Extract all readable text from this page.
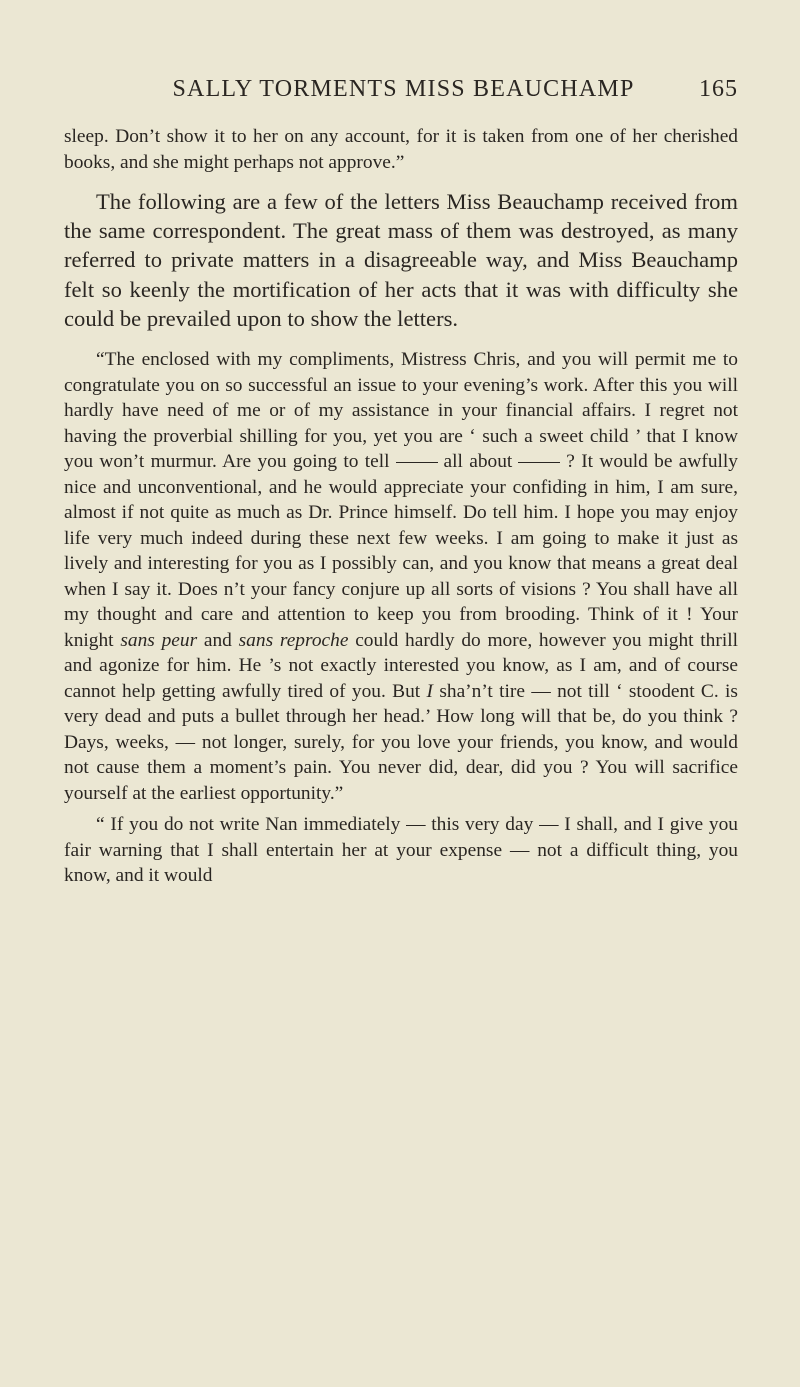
SALLY TORMENTS MISS BEAUCHAMP	165

sleep. Don’t show it to her on any account, for it is taken from one of her cherished books, and she might perhaps not approve.”

The following are a few of the letters Miss Beauchamp received from the same correspondent. The great mass of them was destroyed, as many referred to private matters in a disagreeable way, and Miss Beauchamp felt so keenly the mortification of her acts that it was with difficulty she could be prevailed upon to show the letters.

“The enclosed with my compliments, Mistress Chris, and you will permit me to congratulate you on so successful an issue to your evening’s work. After this you will hardly have need of me or of my assistance in your financial affairs. I regret not having the proverbial shilling for you, yet you are ‘ such a sweet child ’ that I know you won’t murmur. Are you going to tell	all about	? It would be awfully nice and unconventional, and he would appreciate your confiding in him, I am sure, almost if not quite as much as Dr. Prince himself. Do tell him. I hope you may enjoy life very much indeed during these next few weeks. I am going to make it just as lively and interesting for you as I possibly can, and you know that means a great deal when I say it. Does n’t your fancy conjure up all sorts of visions ? You shall have all my thought and care and attention to keep you from brooding. Think of it ! Your knight sans peur and sans reproche could hardly do more, however you might thrill and agonize for him. He ’s not exactly interested you know, as I am, and of course cannot help getting awfully tired of you. But I sha’n’t tire — not till ‘ stoodent C. is very dead and puts a bullet through her head.’ How long will that be, do you think ? Days, weeks, — not longer, surely, for you love your friends, you know, and would not cause them a moment’s pain. You never did, dear, did you ? You will sacrifice yourself at the earliest opportunity.”

“ If you do not write Nan immediately — this very day — I shall, and I give you fair warning that I shall entertain her at your expense — not a difficult thing, you know, and it would
